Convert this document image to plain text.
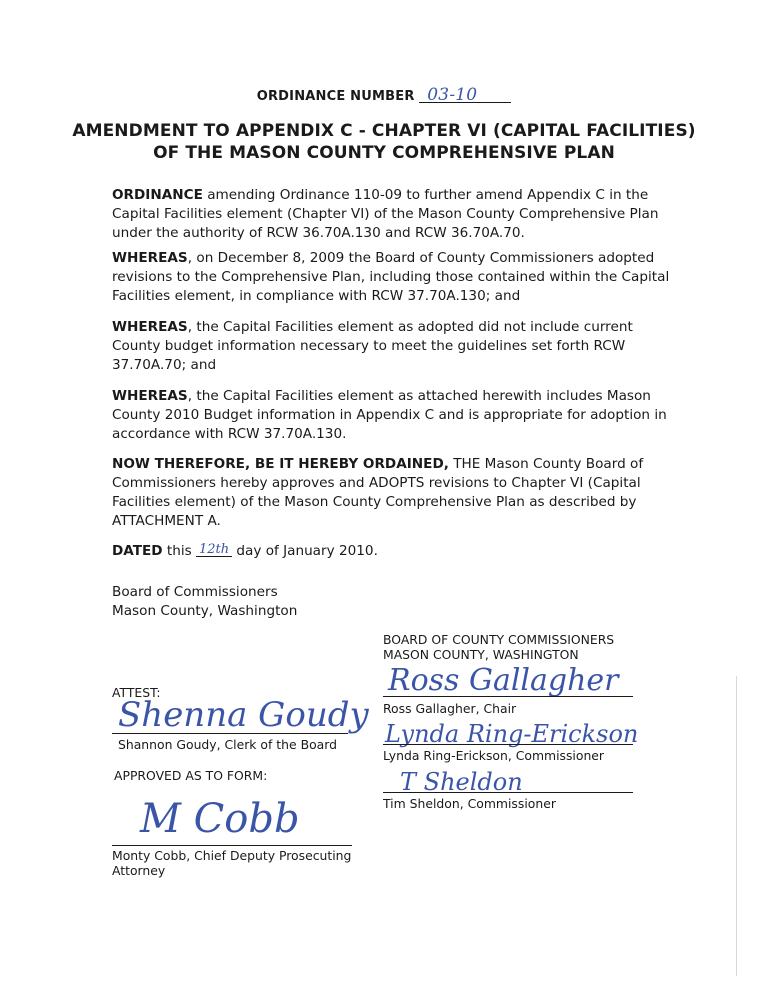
ORDINANCE NUMBER 03-10
AMENDMENT TO APPENDIX C - CHAPTER VI (CAPITAL FACILITIES)
OF THE MASON COUNTY COMPREHENSIVE PLAN
ORDINANCE amending Ordinance 110-09 to further amend Appendix C in the Capital Facilities element (Chapter VI) of the Mason County Comprehensive Plan under the authority of RCW 36.70A.130 and RCW 36.70A.70.
WHEREAS, on December 8, 2009 the Board of County Commissioners adopted revisions to the Comprehensive Plan, including those contained within the Capital Facilities element, in compliance with RCW 37.70A.130; and
WHEREAS, the Capital Facilities element as adopted did not include current County budget information necessary to meet the guidelines set forth RCW 37.70A.70; and
WHEREAS, the Capital Facilities element as attached herewith includes Mason County 2010 Budget information in Appendix C and is appropriate for adoption in accordance with RCW 37.70A.130.
NOW THEREFORE, BE IT HEREBY ORDAINED, THE Mason County Board of Commissioners hereby approves and ADOPTS revisions to Chapter VI (Capital Facilities element) of the Mason County Comprehensive Plan as described by ATTACHMENT A.
DATED this 12th day of January 2010.
Board of Commissioners
Mason County, Washington
BOARD OF COUNTY COMMISSIONERS
MASON COUNTY, WASHINGTON
ATTEST:
Shenna Goudy
Shannon Goudy, Clerk of the Board
APPROVED AS TO FORM:
M Cobb
Monty Cobb, Chief Deputy Prosecuting
Attorney
Ross Gallagher
Ross Gallagher, Chair
Lynda Ring-Erickson
Lynda Ring-Erickson, Commissioner
T Sheldon
Tim Sheldon, Commissioner
